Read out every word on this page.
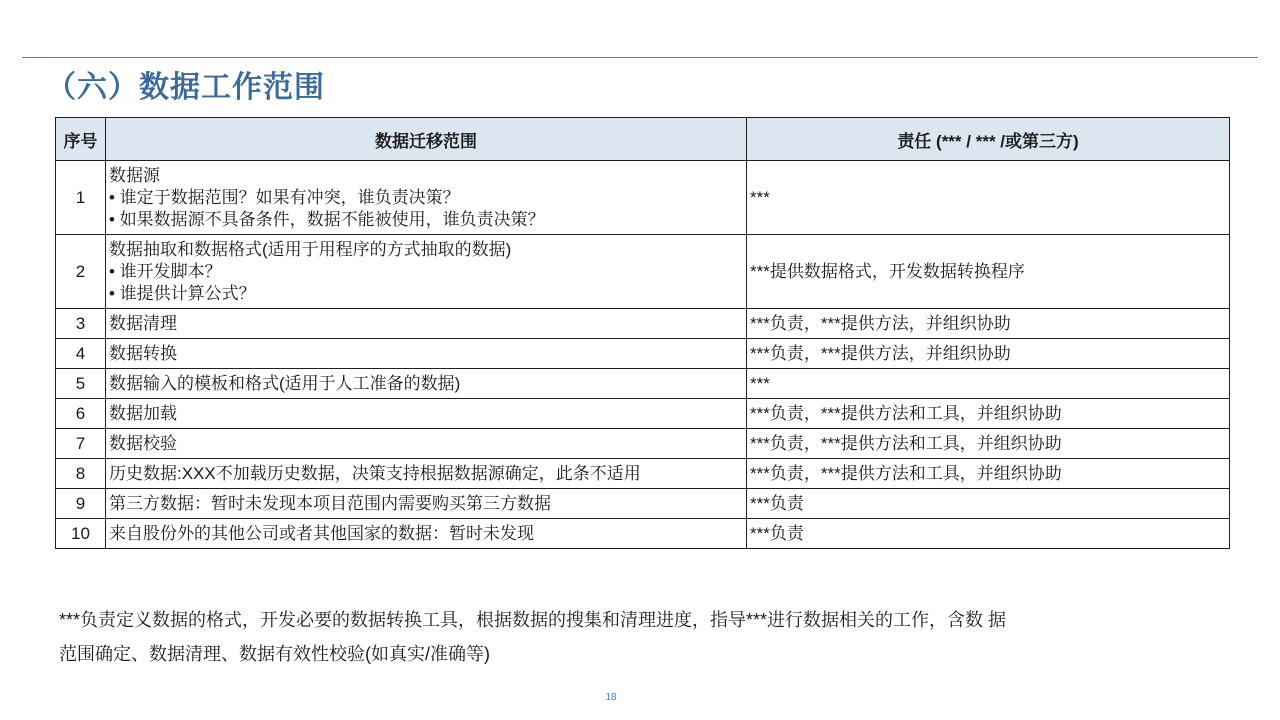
（六）数据工作范围
序号	数据迁移范围	责任 (*** / *** /或第三方)
1	数据源
• 谁定于数据范围？如果有冲突，谁负责决策？
• 如果数据源不具备条件，数据不能被使用，谁负责决策？	***
2	数据抽取和数据格式(适用于用程序的方式抽取的数据)
• 谁开发脚本？
• 谁提供计算公式？	***提供数据格式，开发数据转换程序
3	数据清理	***负责，***提供方法，并组织协助
4	数据转换	***负责，***提供方法，并组织协助
5	数据输入的模板和格式(适用于人工准备的数据)	***
6	数据加载	***负责，***提供方法和工具，并组织协助
7	数据校验	***负责，***提供方法和工具，并组织协助
8	历史数据:XXX不加载历史数据，决策支持根据数据源确定，此条不适用	***负责，***提供方法和工具，并组织协助
9	第三方数据：暂时未发现本项目范围内需要购买第三方数据	***负责
10	来自股份外的其他公司或者其他国家的数据：暂时未发现	***负责
***负责定义数据的格式，开发必要的数据转换工具，根据数据的搜集和清理进度，指导***进行数据相关的工作，含数 据
范围确定、数据清理、数据有效性校验(如真实/准确等)
18
